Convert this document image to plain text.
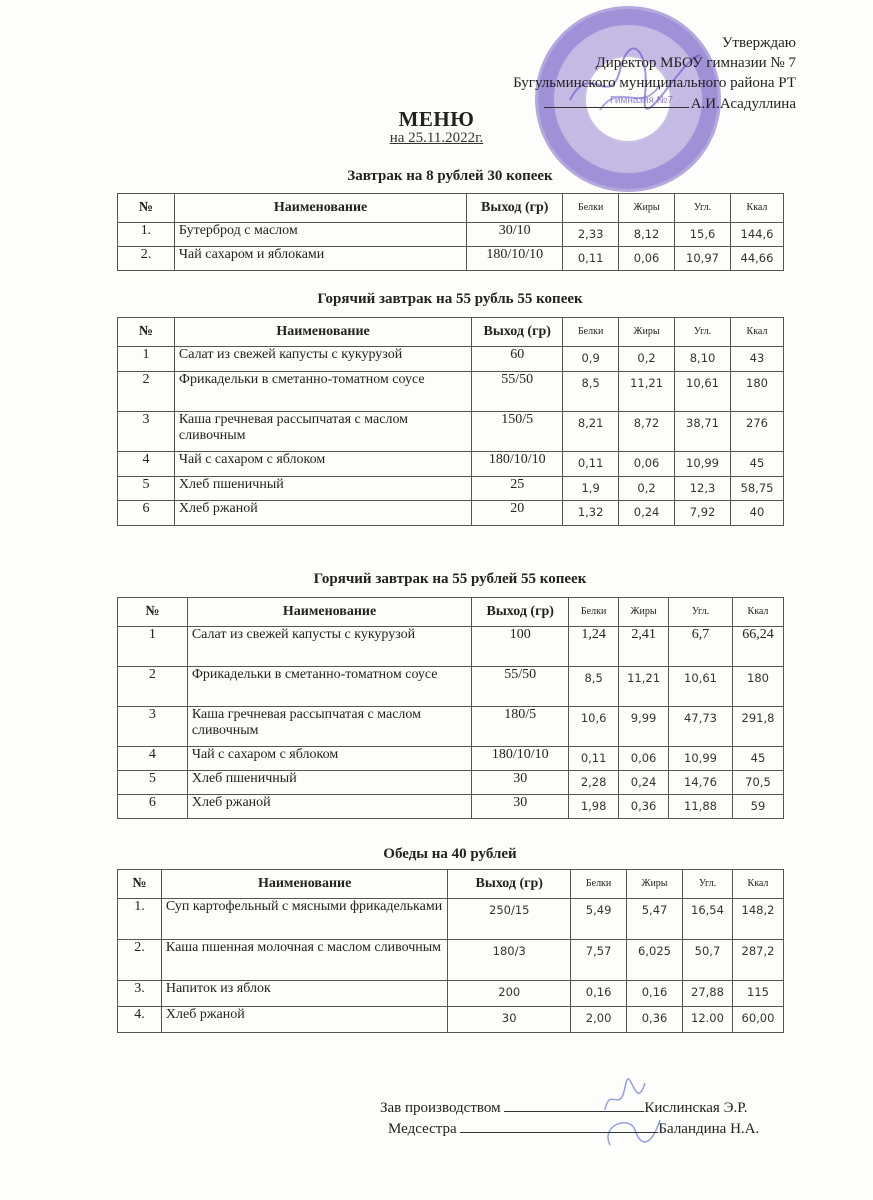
Гимназия №7
Утверждаю
Директор МБОУ гимназии № 7
Бугульминского муниципального района РТ
А.И.Асадуллина
МЕНЮ
на 25.11.2022г.
Завтрак на 8 рублей 30 копеек
№	Наименование	Выход (гр)	Белки	Жиры	Угл.	Ккал
1.	Бутерброд с маслом	30/10	2,33	8,12	15,6	144,6
2.	Чай сахаром и яблоками	180/10/10	0,11	0,06	10,97	44,66
Горячий завтрак на 55 рубль 55 копеек
№	Наименование	Выход (гр)	Белки	Жиры	Угл.	Ккал
1	Салат из свежей капусты с кукурузой	60	0,9	0,2	8,10	43
2	Фрикадельки в сметанно-томатном соусе	55/50	8,5	11,21	10,61	180
3	Каша гречневая рассыпчатая с маслом сливочным	150/5	8,21	8,72	38,71	276
4	Чай с сахаром с яблоком	180/10/10	0,11	0,06	10,99	45
5	Хлеб пшеничный	25	1,9	0,2	12,3	58,75
6	Хлеб ржаной	20	1,32	0,24	7,92	40
Горячий завтрак на 55 рублей 55 копеек
№	Наименование	Выход (гр)	Белки	Жиры	Угл.	Ккал
1	Салат из свежей капусты с кукурузой	100	1,24	2,41	6,7	66,24
2	Фрикадельки в сметанно-томатном соусе	55/50	8,5	11,21	10,61	180
3	Каша гречневая рассыпчатая с маслом сливочным	180/5	10,6	9,99	47,73	291,8
4	Чай с сахаром с яблоком	180/10/10	0,11	0,06	10,99	45
5	Хлеб пшеничный	30	2,28	0,24	14,76	70,5
6	Хлеб ржаной	30	1,98	0,36	11,88	59
Обеды на 40 рублей
№	Наименование	Выход (гр)	Белки	Жиры	Угл.	Ккал
1.	Суп картофельный с мясными фрикадельками	250/15	5,49	5,47	16,54	148,2
2.	Каша пшенная молочная с маслом сливочным	180/3	7,57	6,025	50,7	287,2
3.	Напиток из яблок	200	0,16	0,16	27,88	115
4.	Хлеб ржаной	30	2,00	0,36	12.00	60,00
Зав производством	Кислинская Э.Р.
Медсестра	Баландина Н.А.
